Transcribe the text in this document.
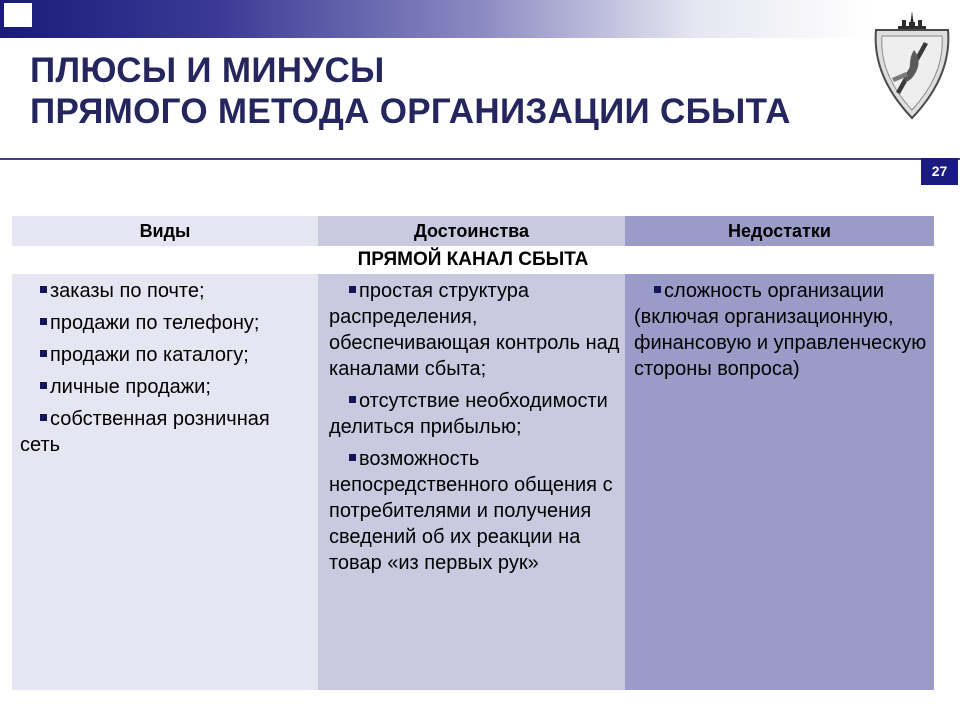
ПЛЮСЫ И МИНУСЫ
ПРЯМОГО МЕТОДА ОРГАНИЗАЦИИ СБЫТА
27
Виды	Достоинства	Недостатки
ПРЯМОЙ КАНАЛ СБЫТА
заказы по почте;
продажи по телефону;
продажи по каталогу;
личные продажи;
собственная розничная сеть
простая структура распределения, обеспечивающая контроль над каналами сбыта;
отсутствие необходимости делиться прибылью;
возможность непосредственного общения с потребителями и получения сведений об их реакции на товар «из первых рук»
сложность организации (включая организационную, финансовую и управленческую стороны вопроса)
